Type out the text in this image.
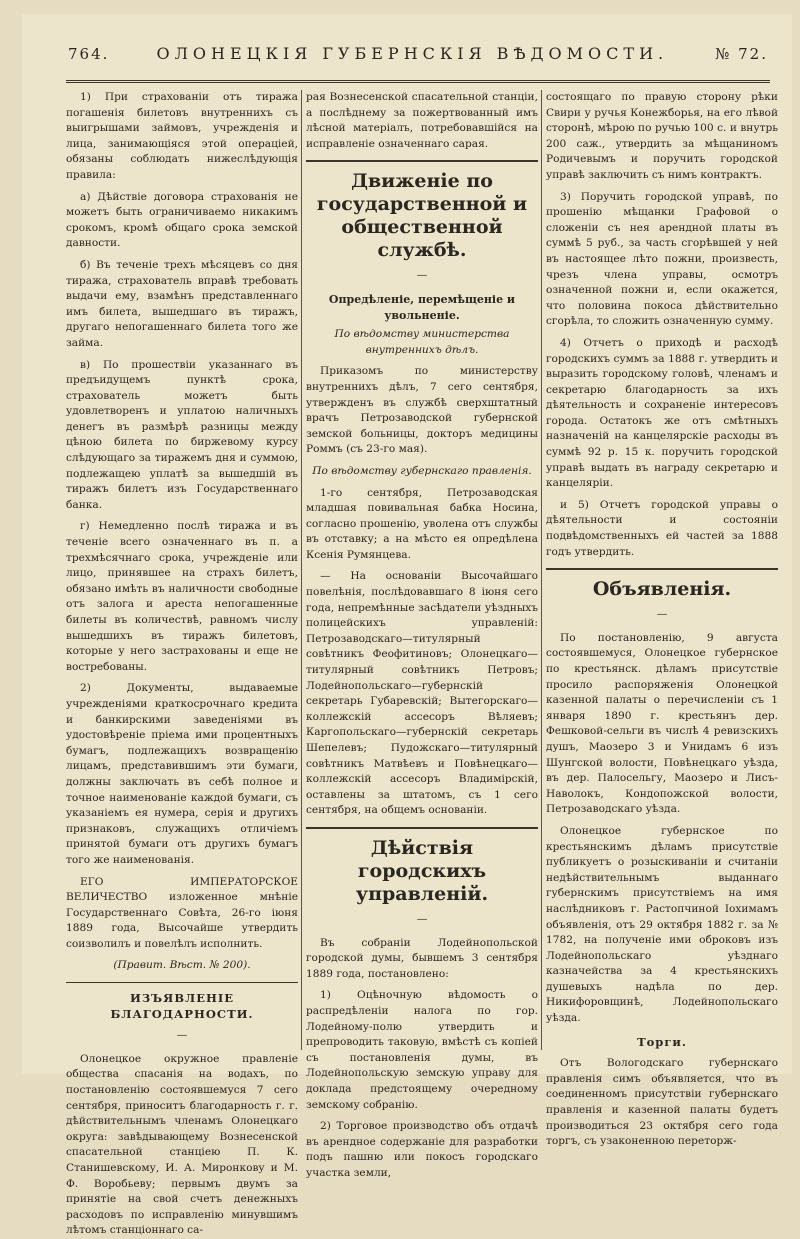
764.	ОЛОНЕЦКІЯ ГУБЕРНСКІЯ ВѢДОМОСТИ.	№ 72.

1) При страхованіи отъ тиража погашенія билетовъ внутреннихъ съ выигрышами займовъ, учрежденія и лица, занимающіяся этой операціей, обязаны соблюдать нижеслѣдующія правила:

а) Дѣйствіе договора страхованія не можетъ быть ограничиваемо никакимъ срокомъ, кромѣ общаго срока земской давности.

б) Въ теченіе трехъ мѣсяцевъ со дня тиража, страхователь вправѣ требовать выдачи ему, взамѣнъ представленнаго имъ билета, вышедшаго въ тиражъ, другаго непогашеннаго билета того же займа.

в) По прошествіи указаннаго въ предъидущемъ пунктѣ срока, страхователь можетъ быть удовлетворенъ и уплатою наличныхъ денегъ въ размѣрѣ разницы между цѣною билета по биржевому курсу слѣдующаго за тиражемъ дня и суммою, подлежащею уплатѣ за вышедшій въ тиражъ билетъ изъ Государственнаго банка.

г) Немедленно послѣ тиража и въ теченіе всего означеннаго въ п. а трехмѣсячнаго срока, учрежденіе или лицо, принявшее на страхъ билетъ, обязано имѣть въ наличности свободные отъ залога и ареста непогашенные билеты въ количествѣ, равномъ числу вышедшихъ въ тиражъ билетовъ, которые у него застрахованы и еще не востребованы.

2) Документы, выдаваемые учрежденіями краткосрочнаго кредита и банкирскими заведеніями въ удостовѣреніе пріема ими процентныхъ бумагъ, подлежащихъ возвращенію лицамъ, представившимъ эти бумаги, должны заключать въ себѣ полное и точное наименованіе каждой бумаги, съ указаніемъ ея нумера, серія и другихъ признаковъ, служащихъ отличіемъ принятой бумаги отъ другихъ бумагъ того же наименованія.

ЕГО ИМПЕРАТОРСКОЕ ВЕЛИЧЕСТВО изложенное мнѣніе Государственнаго Совѣта, 26-го іюня 1889 года, Высочайше утвердить соизволилъ и повелѣлъ исполнить.

(Правит. Вѣст. № 200).

ИЗЪЯВЛЕНІЕ БЛАГОДАРНОСТИ.
—

Олонецкое окружное правленіе общества спасанія на водахъ, по постановленію состоявшемуся 7 сего сентября, приноситъ благодарность г. г. дѣйствительнымъ членамъ Олонецкаго округа: завѣдывающему Вознесенской спасательной станціею П. К. Станишевскому, И. А. Миронкову и М. Ф. Воробьеву; первымъ двумъ за принятіе на свой счетъ денежныхъ расходовъ по исправленію минувшимъ лѣтомъ станціоннаго са-

рая Вознесенской спасательной станціи, а послѣднему за пожертвованный имъ лѣсной матеріалъ, потребовавшійся на исправленіе означеннаго сарая.

Движеніе по государственной и общественной службѣ.
—
Опредѣленіе, перемѣщеніе и увольненіе.

По вѣдомству министерства внутреннихъ дѣлъ.

Приказомъ по министерству внутреннихъ дѣлъ, 7 сего сентября, утвержденъ въ службѣ сверхштатный врачъ Петрозаводской губернской земской больницы, докторъ медицины Роммъ (съ 23-го мая).

По вѣдомству губернскаго правленія.

1-го сентября, Петрозаводская младшая повивальная бабка Носина, согласно прошенію, уволена отъ службы въ отставку; а на мѣсто ея опредѣлена Ксенія Румянцева.

— На основаніи Высочайшаго повелѣнія, послѣдовавшаго 8 іюня сего года, непремѣнные засѣдатели уѣздныхъ полицейскихъ управленій: Петрозаводскаго—титулярный совѣтникъ Феофитиновъ; Олонецкаго—титулярный совѣтникъ Петровъ; Лодейнопольскаго—губернскій секретарь Губаревскій; Вытегорскаго—коллежскій ассесоръ Вѣляевъ; Каргопольскаго—губернскій секретарь Шепелевъ; Пудожскаго—титулярный совѣтникъ Матвѣевъ и Повѣнецкаго—коллежскій ассесоръ Владимірскій, оставлены за штатомъ, съ 1 сего сентября, на общемъ основаніи.

Дѣйствія городскихъ управленій.
—

Въ собраніи Лодейнопольской городской думы, бывшемъ 3 сентября 1889 года, постановлено:

1) Оцѣночную вѣдомость о распредѣленіи налога по гор. Лодейному-полю утвердить и препроводить таковую, вмѣстѣ съ копіей съ постановленія думы, въ Лодейнопольскую земскую управу для доклада предстоящему очередному земскому собранію.

2) Торговое производство объ отдачѣ въ арендное содержаніе для разработки подъ пашню или покосъ городскаго участка земли,

состоящаго по правую сторону рѣки Свири у ручья Конежборья, на его лѣвой сторонѣ, мѣрою по ручью 100 с. и внутрь 200 саж., утвердить за мѣщаниномъ Родичевымъ и поручить городской управѣ заключить съ нимъ контрактъ.

3) Поручить городской управѣ, по прошенію мѣщанки Графовой о сложеніи съ нея арендной платы въ суммѣ 5 руб., за часть сгорѣвшей у ней въ настоящее лѣто пожни, произвесть, чрезъ члена управы, осмотръ означенной пожни и, если окажется, что половина покоса дѣйствительно сгорѣла, то сложить означенную сумму.

4) Отчетъ о приходѣ и расходѣ городскихъ суммъ за 1888 г. утвердить и выразить городскому головѣ, членамъ и секретарю благодарность за ихъ дѣятельность и сохраненіе интересовъ города. Остатокъ же отъ смѣтныхъ назначеній на канцелярскіе расходы въ суммѣ 92 р. 15 к. поручить городской управѣ выдать въ награду секретарю и канцеляріи.

и 5) Отчетъ городской управы о дѣятельности и состояніи подвѣдомственныхъ ей частей за 1888 годъ утвердить.

Объявленія.
—

По постановленію, 9 августа состоявшемуся, Олонецкое губернское по крестьянск. дѣламъ присутствіе просило распоряженія Олонецкой казенной палаты о перечисленіи съ 1 января 1890 г. крестьянъ дер. Фешковой-сельги въ числѣ 4 ревизскихъ душъ, Маозеро 3 и Унидамъ 6 изъ Шунгской волости, Повѣнецкаго уѣзда, въ дер. Палосельгу, Маозеро и Лисъ-Наволокъ, Кондопожской волости, Петрозаводскаго уѣзда.

Олонецкое губернское по крестьянскимъ дѣламъ присутствіе публикуетъ о розыскиваніи и считаніи недѣйствительнымъ выданнаго губернскимъ присутствіемъ на имя наслѣдниковъ г. Растопчиной Іохимамъ объявленія, отъ 29 октября 1882 г. за № 1782, на полученіе ими оброковъ изъ Лодейнопольскаго уѣзднаго казначейства за 4 крестьянскихъ душевыхъ надѣла по дер. Никифоровщинѣ, Лодейнопольскаго уѣзда.

Торги.

Отъ Вологодскаго губернскаго правленія симъ объявляется, что въ соединенномъ присутствіи губернскаго правленія и казенной палаты будетъ производиться 23 октября сего года торгъ, съ узаконенною переторж-
